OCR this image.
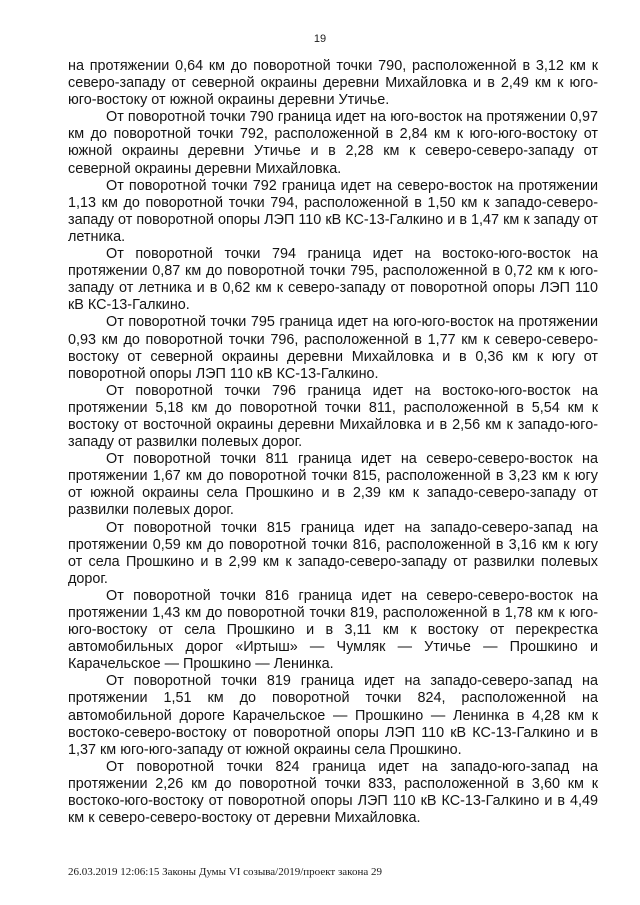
19

на протяжении 0,64 км до поворотной точки 790, расположенной в 3,12 км к северо-западу от северной окраины деревни Михайловка и в 2,49 км к юго-юго-востоку от южной окраины деревни Утичье.

От поворотной точки 790 граница идет на юго-восток на протяжении 0,97 км до поворотной точки 792, расположенной в 2,84 км к юго-юго-востоку от южной окраины деревни Утичье и в 2,28 км к северо-северо-западу от северной окраины деревни Михайловка.

От поворотной точки 792 граница идет на северо-восток на протяжении 1,13 км до поворотной точки 794, расположенной в 1,50 км к западо-северо-западу от поворотной опоры ЛЭП 110 кВ КС-13-Галкино и в 1,47 км к западу от летника.

От поворотной точки 794 граница идет на востоко-юго-восток на протяжении 0,87 км до поворотной точки 795, расположенной в 0,72 км к юго-западу от летника и в 0,62 км к северо-западу от поворотной опоры ЛЭП 110 кВ КС-13-Галкино.

От поворотной точки 795 граница идет на юго-юго-восток на протяжении 0,93 км до поворотной точки 796, расположенной в 1,77 км к северо-северо-востоку от северной окраины деревни Михайловка и в 0,36 км к югу от поворотной опоры ЛЭП 110 кВ КС-13-Галкино.

От поворотной точки 796 граница идет на востоко-юго-восток на протяжении 5,18 км до поворотной точки 811, расположенной в 5,54 км к востоку от восточной окраины деревни Михайловка и в 2,56 км к западо-юго-западу от развилки полевых дорог.

От поворотной точки 811 граница идет на северо-северо-восток на протяжении 1,67 км до поворотной точки 815, расположенной в 3,23 км к югу от южной окраины села Прошкино и в 2,39 км к западо-северо-западу от развилки полевых дорог.

От поворотной точки 815 граница идет на западо-северо-запад на протяжении 0,59 км до поворотной точки 816, расположенной в 3,16 км к югу от села Прошкино и в 2,99 км к западо-северо-западу от развилки полевых дорог.

От поворотной точки 816 граница идет на северо-северо-восток на протяжении 1,43 км до поворотной точки 819, расположенной в 1,78 км к юго-юго-востоку от села Прошкино и в 3,11 км к востоку от перекрестка автомобильных дорог «Иртыш» — Чумляк — Утичье — Прошкино и Карачельское — Прошкино — Ленинка.

От поворотной точки 819 граница идет на западо-северо-запад на протяжении 1,51 км до поворотной точки 824, расположенной на автомобильной дороге Карачельское — Прошкино — Ленинка в 4,28 км к востоко-северо-востоку от поворотной опоры ЛЭП 110 кВ КС-13-Галкино и в 1,37 км юго-юго-западу от южной окраины села Прошкино.

От поворотной точки 824 граница идет на западо-юго-запад на протяжении 2,26 км до поворотной точки 833, расположенной в 3,60 км к востоко-юго-востоку от поворотной опоры ЛЭП 110 кВ КС-13-Галкино и в 4,49 км к северо-северо-востоку от деревни Михайловка.

26.03.2019 12:06:15 Законы Думы VI созыва/2019/проект закона 29
